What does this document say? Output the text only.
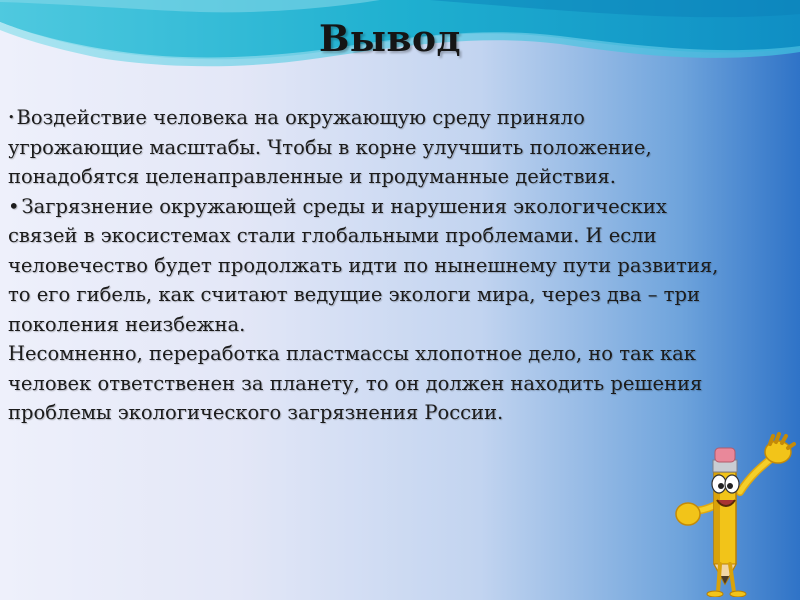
Вывод

• Воздействие человека на окружающую среду приняло угрожающие масштабы. Чтобы в корне улучшить положение, понадобятся целенаправленные и продуманные действия.

• Загрязнение окружающей среды и нарушения экологических связей в экосистемах стали глобальными проблемами. И если человечество будет продолжать идти по нынешнему пути развития, то его гибель, как считают ведущие экологи мира, через два – три поколения неизбежна.

Несомненно, переработка пластмассы хлопотное дело, но так как человек ответственен за планету, то он должен находить решения проблемы экологического загрязнения России.
